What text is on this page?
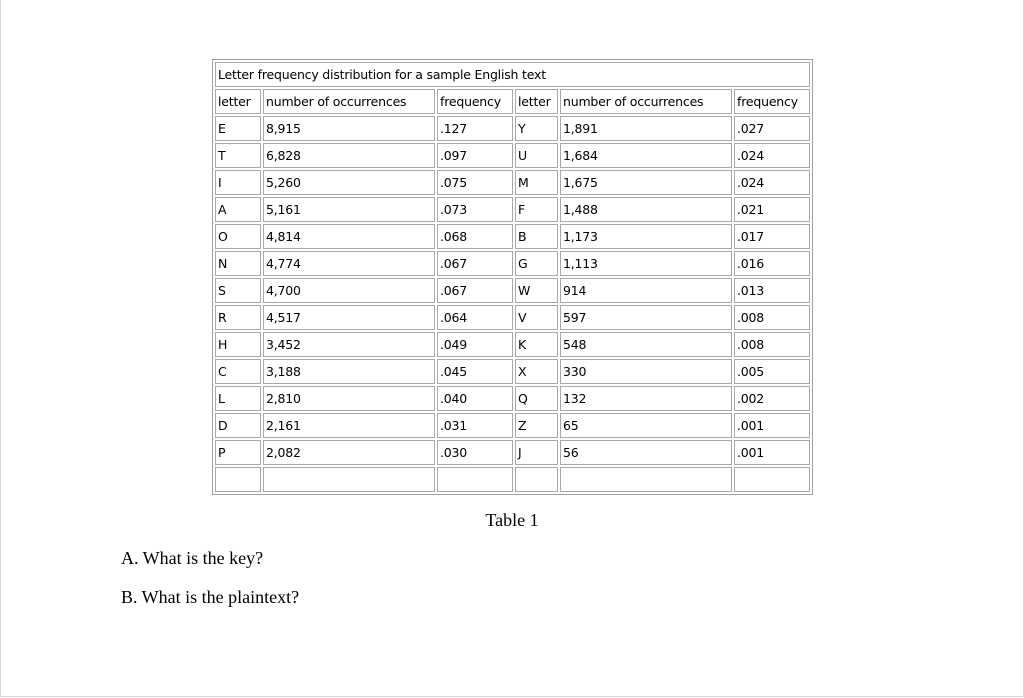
Letter frequency distribution for a sample English text					
letter	number of occurrences	frequency	letter	number of occurrences	frequency
E	8,915	.127	Y	1,891	.027
T	6,828	.097	U	1,684	.024
I	5,260	.075	M	1,675	.024
A	5,161	.073	F	1,488	.021
O	4,814	.068	B	1,173	.017
N	4,774	.067	G	1,113	.016
S	4,700	.067	W	914	.013
R	4,517	.064	V	597	.008
H	3,452	.049	K	548	.008
C	3,188	.045	X	330	.005
L	2,810	.040	Q	132	.002
D	2,161	.031	Z	65	.001
P	2,082	.030	J	56	.001

Table 1
A. What is the key?
B. What is the plaintext?
